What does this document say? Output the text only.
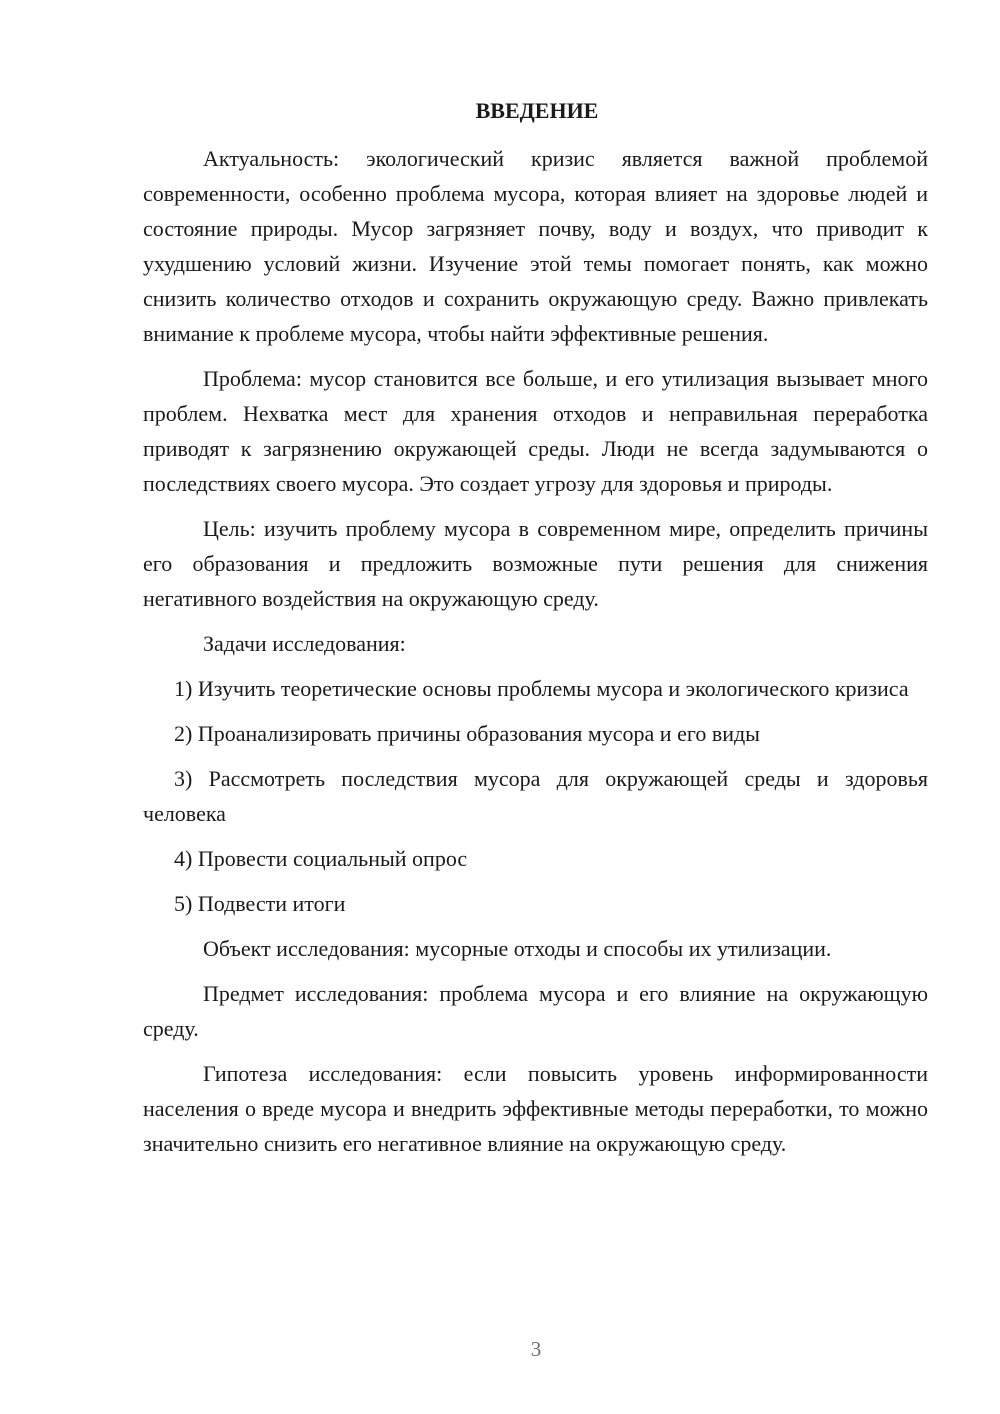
ВВЕДЕНИЕ

Актуальность: экологический кризис является важной проблемой современности, особенно проблема мусора, которая влияет на здоровье людей и состояние природы. Мусор загрязняет почву, воду и воздух, что приводит к ухудшению условий жизни. Изучение этой темы помогает понять, как можно снизить количество отходов и сохранить окружающую среду. Важно привлекать внимание к проблеме мусора, чтобы найти эффективные решения.

Проблема: мусор становится все больше, и его утилизация вызывает много проблем. Нехватка мест для хранения отходов и неправильная переработка приводят к загрязнению окружающей среды. Люди не всегда задумываются о последствиях своего мусора. Это создает угрозу для здоровья и природы.

Цель: изучить проблему мусора в современном мире, определить причины его образования и предложить возможные пути решения для снижения негативного воздействия на окружающую среду.

Задачи исследования:

1) Изучить теоретические основы проблемы мусора и экологического кризиса

2) Проанализировать причины образования мусора и его виды

3) Рассмотреть последствия мусора для окружающей среды и здоровья человека

4) Провести социальный опрос

5) Подвести итоги

Объект исследования: мусорные отходы и способы их утилизации.

Предмет исследования: проблема мусора и его влияние на окружающую среду.

Гипотеза исследования: если повысить уровень информированности населения о вреде мусора и внедрить эффективные методы переработки, то можно значительно снизить его негативное влияние на окружающую среду.

3
